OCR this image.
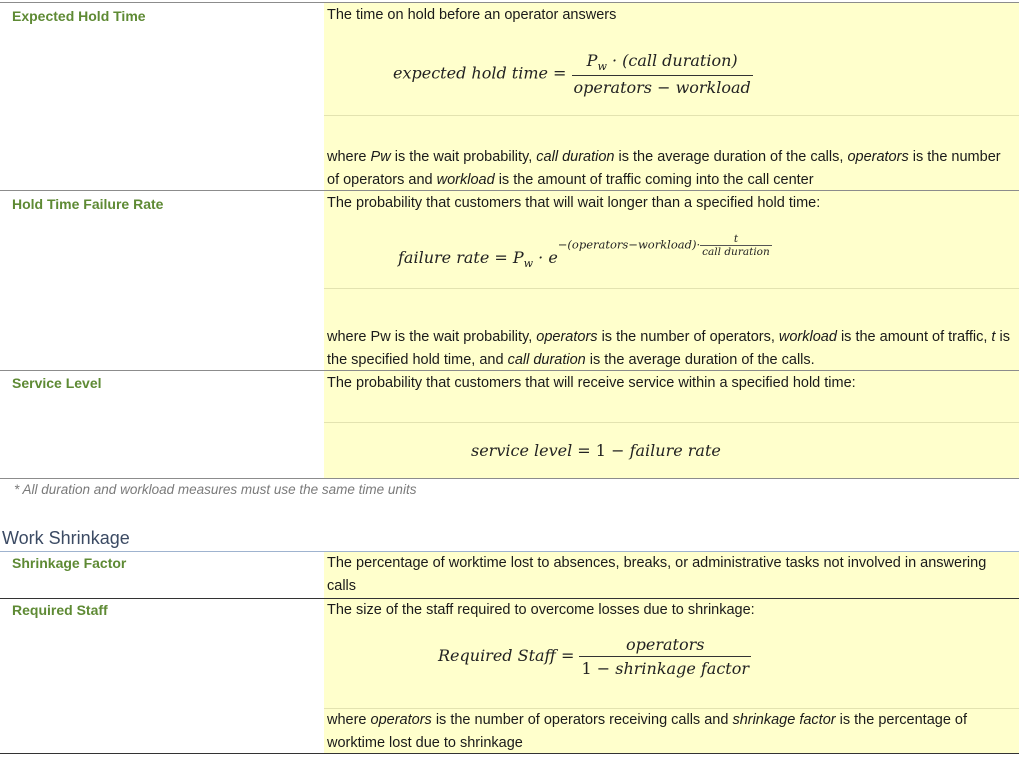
Expected Hold Time	The time on hold before an operator answers
expected hold time = $\frac{P_w \cdot (call duration)}{\text{operators − workload}}$
where Pw is the wait probability, call duration is the average duration of the calls, operators is the number of operators and workload is the amount of traffic coming into the call center
Hold Time Failure Rate	The probability that customers that will wait longer than a specified hold time:
failure rate = $P_w$ · e−(operators−workload)· $\frac{t}{\text{call duration}}$
where Pw is the wait probability, operators is the number of operators, workload is the amount of traffic, t is the specified hold time, and call duration is the average duration of the calls.
Service Level	The probability that customers that will receive service within a specified hold time:
service level = 1 − failure rate
* All duration and workload measures must use the same time units
Work Shrinkage
Shrinkage Factor	The percentage of worktime lost to absences, breaks, or administrative tasks not involved in answering calls
Required Staff	The size of the staff required to overcome losses due to shrinkage:
Required Staff = $\frac{\text{operators}}{\text{1 − shrinkage factor}}$
where operators is the number of operators receiving calls and shrinkage factor is the percentage of worktime lost due to shrinkage
